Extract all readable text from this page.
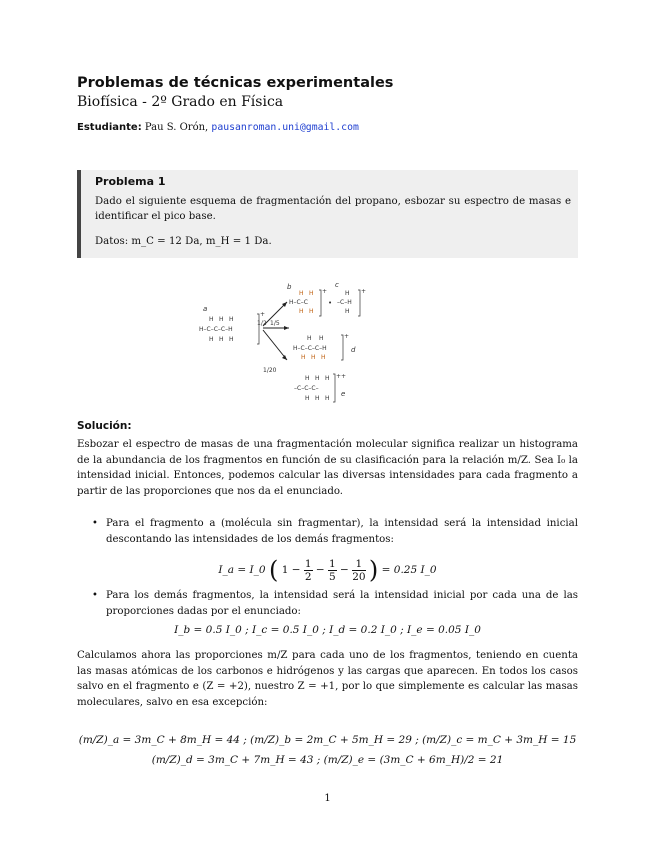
Problemas de técnicas experimentales
Biofísica - 2º Grado en Física
Estudiante: Pau S. Orón, pausanroman.uni@gmail.com
Problema 1
Dado el siguiente esquema de fragmentación del propano, esbozar su espectro de masas e identificar el pico base.
Datos: m_C = 12 Da, m_H = 1 Da.
H H H
H–C–C–C–H
H H H
a
+
1/2 1/5
1/20
b
H H
H–C–C
H H
+
•
c
H
–C–H
H
+
H H
H–C–C–C–H
H H H
+
d
H H H
–C–C–C–
H H H
++
e
Solución:
Esbozar el espectro de masas de una fragmentación molecular significa realizar un histograma de la abundancia de los fragmentos en función de su clasificación para la relación m/Z. Sea I₀ la intensidad inicial. Entonces, podemos calcular las diversas intensidades para cada fragmento a partir de las proporciones que nos da el enunciado.
• Para el fragmento a (molécula sin fragmentar), la intensidad será la intensidad inicial descontando las intensidades de los demás fragmentos:
I_a = I_0 ( $1 - \frac{1}{2} - \frac{1}{5} - \frac{1}{20}$ ) = 0.25 I_0
• Para los demás fragmentos, la intensidad será la intensidad inicial por cada una de las proporciones dadas por el enunciado:
I_b = 0.5 I_0 ; I_c = 0.5 I_0 ; I_d = 0.2 I_0 ; I_e = 0.05 I_0
Calculamos ahora las proporciones m/Z para cada uno de los fragmentos, teniendo en cuenta las masas atómicas de los carbonos e hidrógenos y las cargas que aparecen. En todos los casos salvo en el fragmento e (Z = +2), nuestro Z = +1, por lo que simplemente es calcular las masas moleculares, salvo en esa excepción:
(m/Z)_a = 3m_C + 8m_H = 44 ; (m/Z)_b = 2m_C + 5m_H = 29 ; (m/Z)_c = m_C + 3m_H = 15
(m/Z)_d = 3m_C + 7m_H = 43 ; (m/Z)_e = (3m_C + 6m_H)/2 = 21
1
